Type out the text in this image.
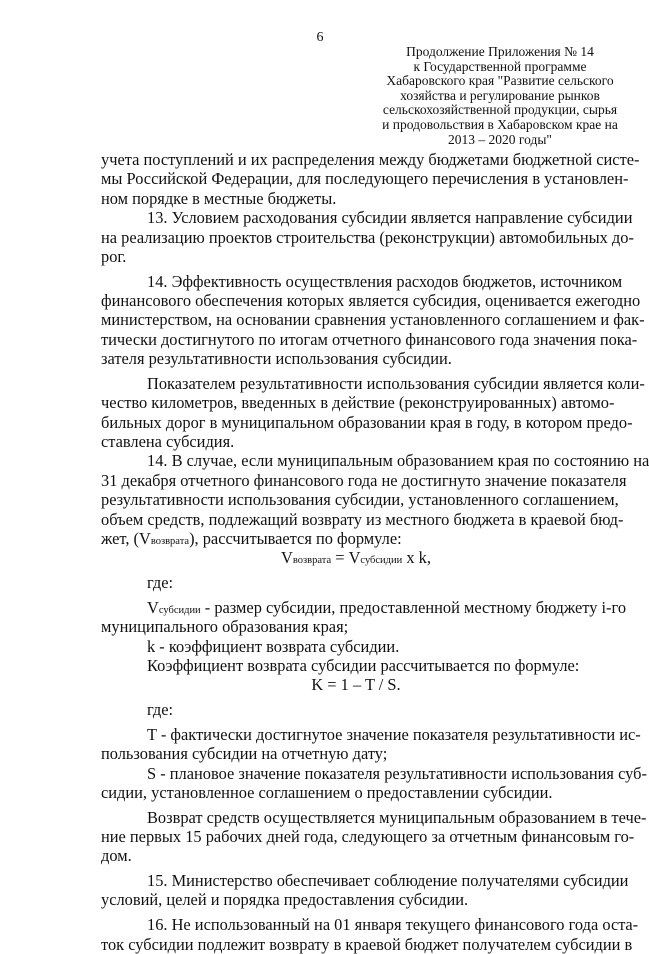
6
Продолжение Приложения № 14
к Государственной программе
Хабаровского края "Развитие сельского
хозяйства и регулирование рынков
сельскохозяйственной продукции, сырья
и продовольствия в Хабаровском крае на
2013 – 2020 годы"
учета поступлений и их распределения между бюджетами бюджетной систе-
мы Российской Федерации, для последующего перечисления в установлен-
ном порядке в местные бюджеты.
13. Условием расходования субсидии является направление субсидии
на реализацию проектов строительства (реконструкции) автомобильных до-
рог.
14. Эффективность осуществления расходов бюджетов, источником
финансового обеспечения которых является субсидия, оценивается ежегодно
министерством, на основании сравнения установленного соглашением и фак-
тически достигнутого по итогам отчетного финансового года значения пока-
зателя результативности использования субсидии.
Показателем результативности использования субсидии является коли-
чество километров, введенных в действие (реконструированных) автомо-
бильных дорог в муниципальном образовании края в году, в котором предо-
ставлена субсидия.
14. В случае, если муниципальным образованием края по состоянию на
31 декабря отчетного финансового года не достигнуто значение показателя
результативности использования субсидии, установленного соглашением,
объем средств, подлежащий возврату из местного бюджета в краевой бюд-
жет, (Vвозврата), рассчитывается по формуле:
Vвозврата = Vсубсидии x k,
где:
Vсубсидии - размер субсидии, предоставленной местному бюджету i-го
муниципального образования края;
k - коэффициент возврата субсидии.
Коэффициент возврата субсидии рассчитывается по формуле:
K = 1 – T / S.
где:
T - фактически достигнутое значение показателя результативности ис-
пользования субсидии на отчетную дату;
S - плановое значение показателя результативности использования суб-
сидии, установленное соглашением о предоставлении субсидии.
Возврат средств осуществляется муниципальным образованием в тече-
ние первых 15 рабочих дней года, следующего за отчетным финансовым го-
дом.
15. Министерство обеспечивает соблюдение получателями субсидии
условий, целей и порядка предоставления субсидии.
16. Не использованный на 01 января текущего финансового года остa-
ток субсидии подлежит возврату в краевой бюджет получателем субсидии в
